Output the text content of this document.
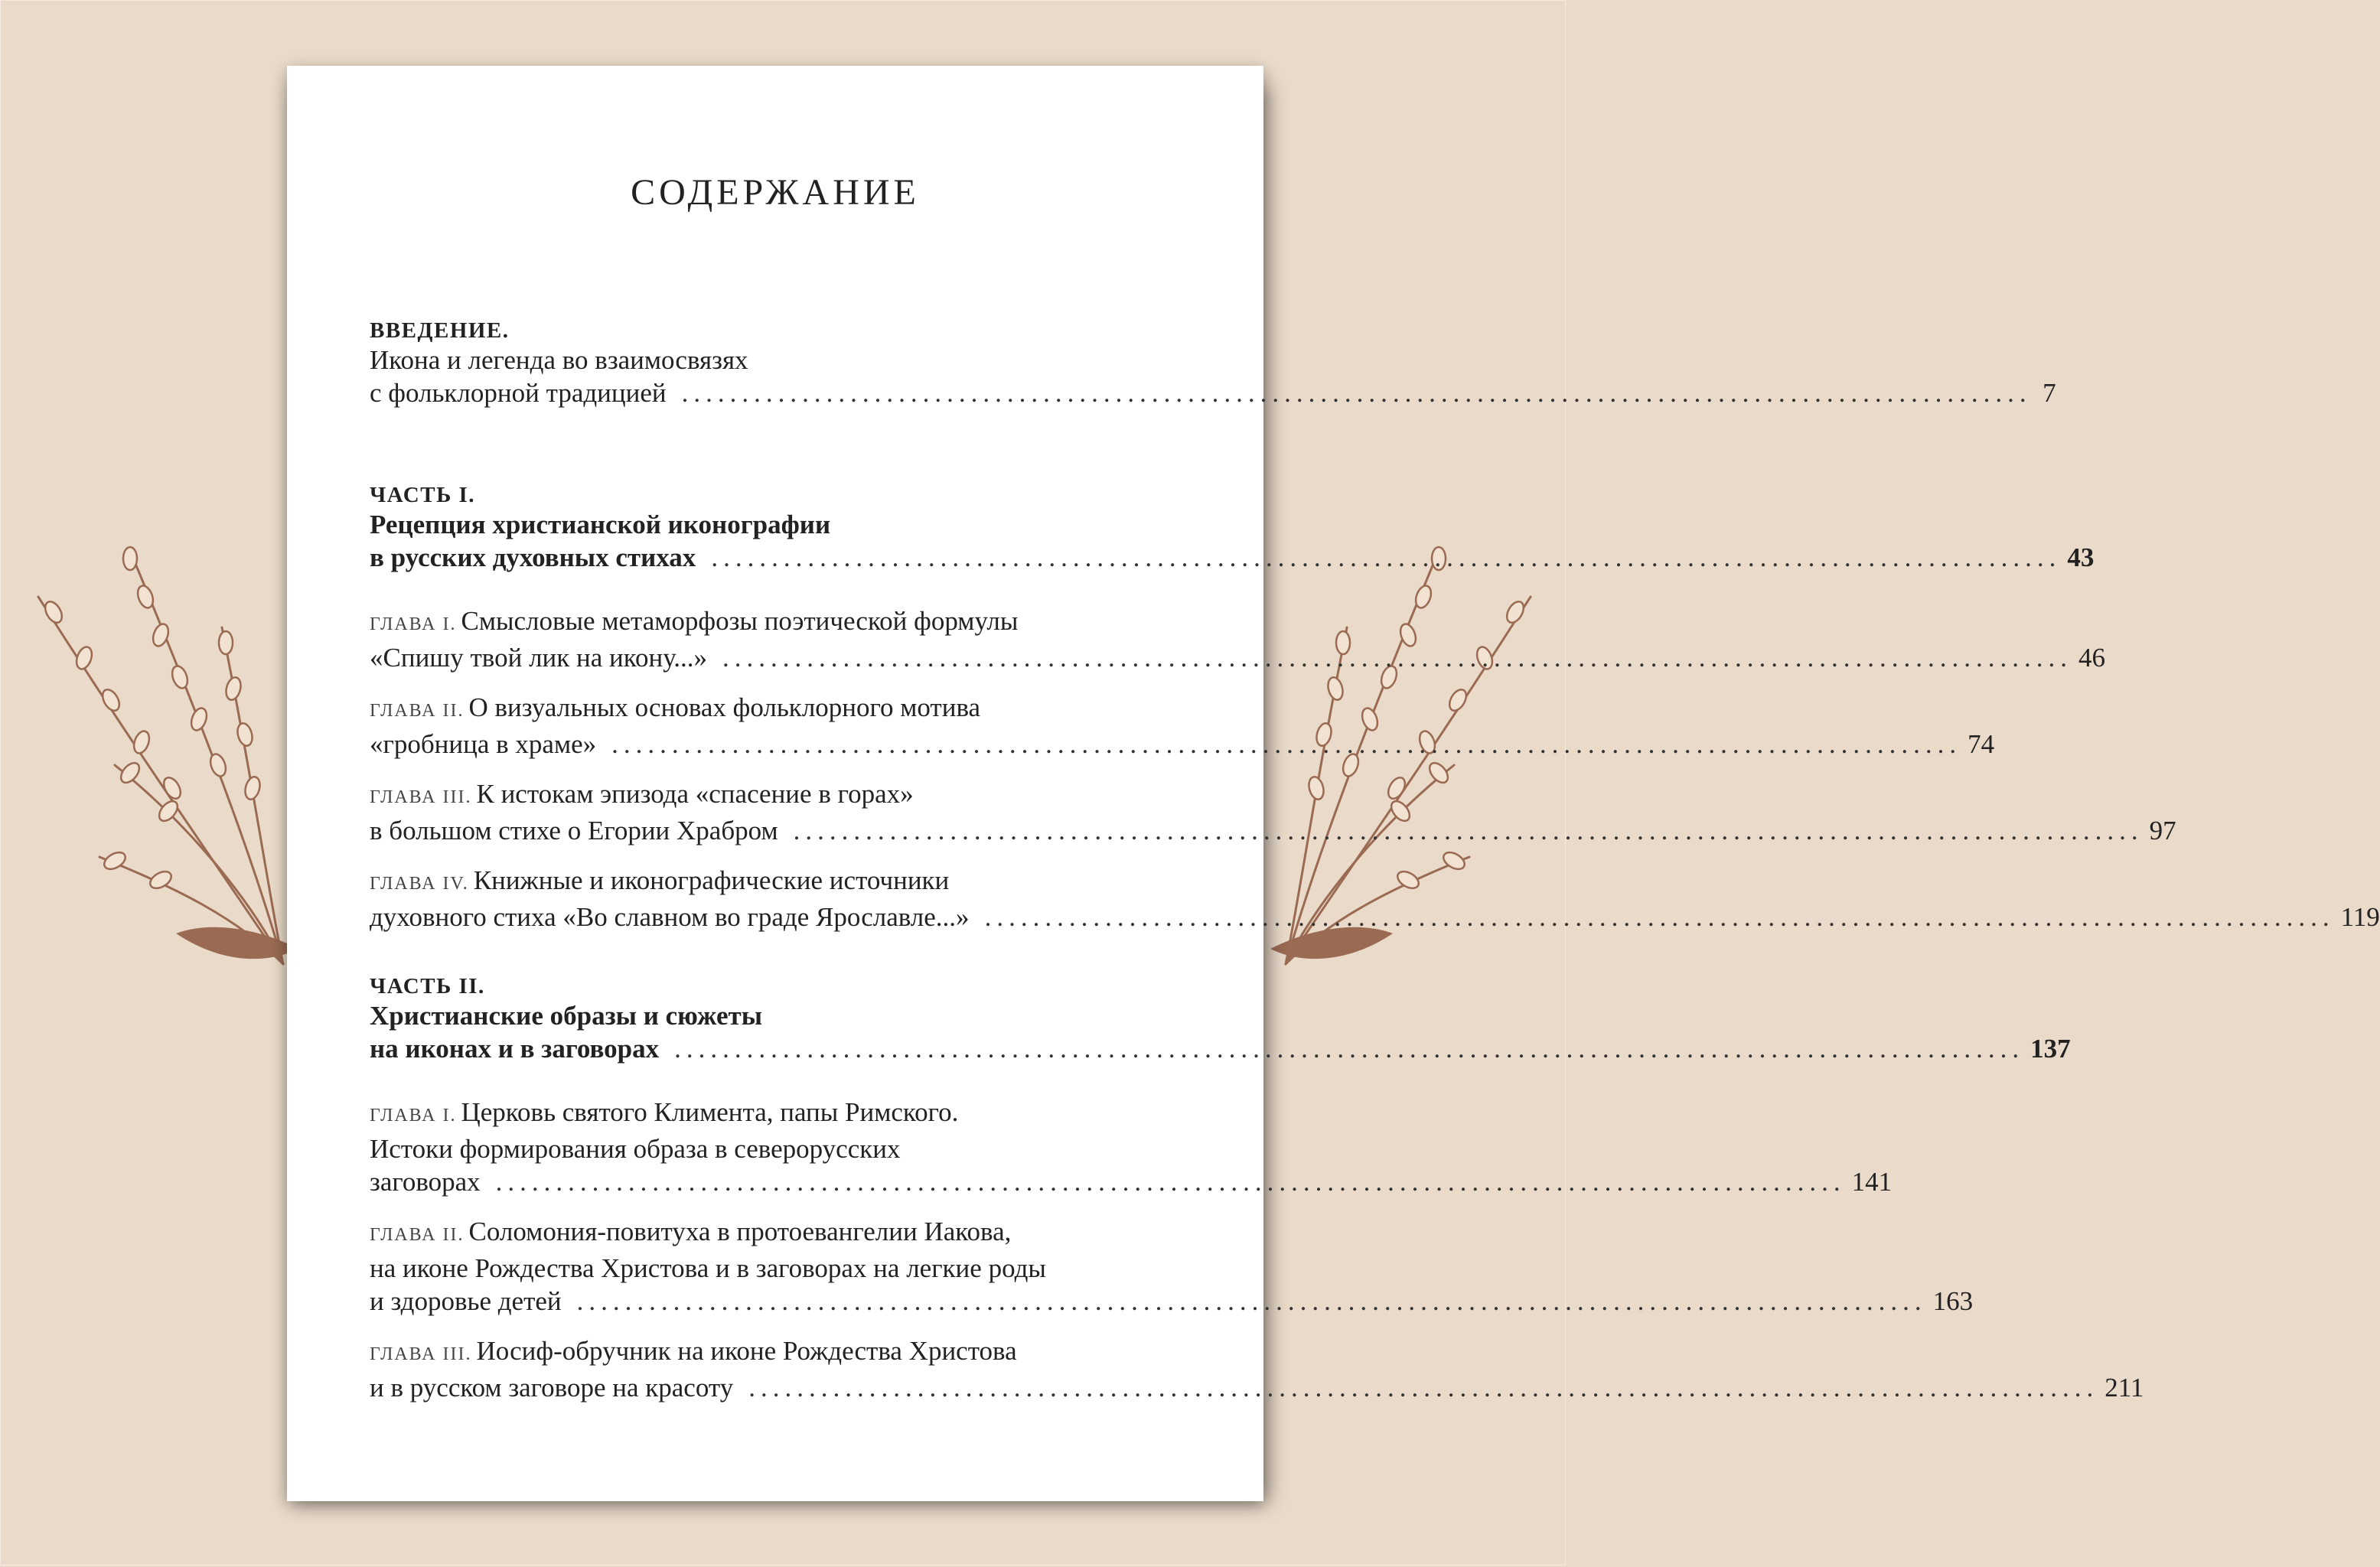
СОДЕРЖАНИЕ
ВВЕДЕНИЕ.
Икона и легенда во взаимосвязях
с фольклорной традицией ................................................................................................................ 7
ЧАСТЬ I.
Рецепция христианской иконографии
в русских духовных стихах ................................................................................................................ 43
ГЛАВА I. Смысловые метаморфозы поэтической формулы
«Спишу твой лик на икону...» ................................................................................................................ 46
ГЛАВА II. О визуальных основах фольклорного мотива
«гробница в храме» ................................................................................................................ 74
ГЛАВА III. К истокам эпизода «спасение в горах»
в большом стихе о Егории Храбром ................................................................................................................ 97
ГЛАВА IV. Книжные и иконографические источники
духовного стиха «Во славном во граде Ярославле...» ................................................................................................................ 119
ЧАСТЬ II.
Христианские образы и сюжеты
на иконах и в заговорах ................................................................................................................ 137
ГЛАВА I. Церковь святого Климента, папы Римского.
Истоки формирования образа в северорусских
заговорах ................................................................................................................ 141
ГЛАВА II. Соломония-повитуха в протоевангелии Иакова,
на иконе Рождества Христова и в заговорах на легкие роды
и здоровье детей ................................................................................................................ 163
ГЛАВА III. Иосиф-обручник на иконе Рождества Христова
и в русском заговоре на красоту ................................................................................................................ 211
